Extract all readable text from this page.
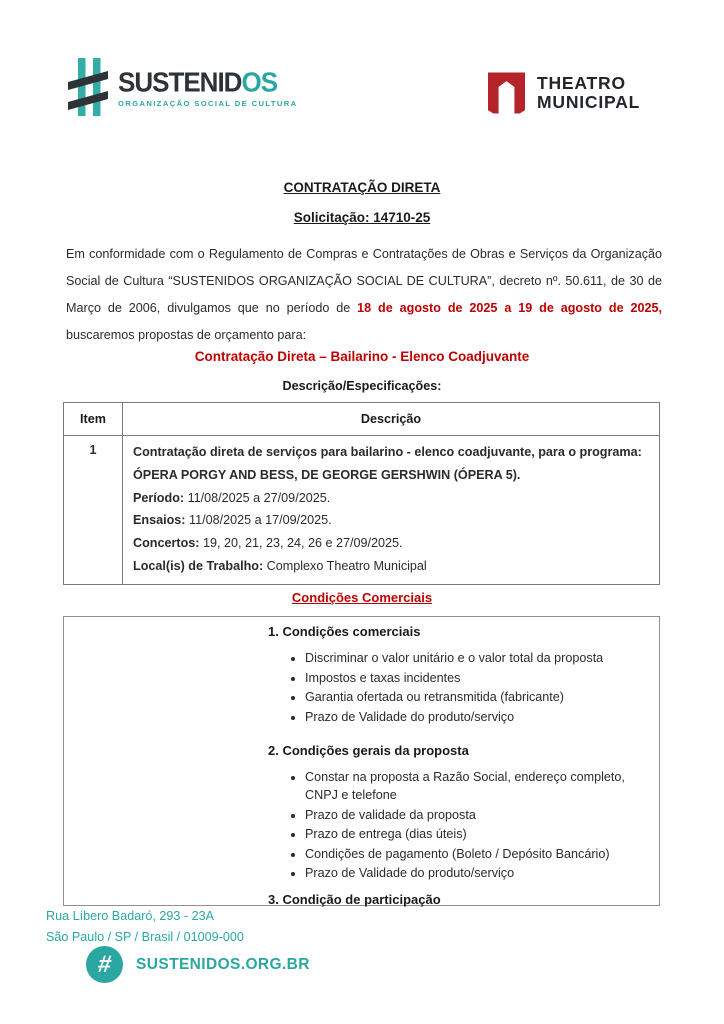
SUSTENIDOS
ORGANIZAÇÃO SOCIAL DE CULTURA
THEATRO
MUNICIPAL
CONTRATAÇÃO DIRETA
Solicitação: 14710-25

Em conformidade com o Regulamento de Compras e Contratações de Obras e Serviços da Organização Social de Cultura “SUSTENIDOS ORGANIZAÇÃO SOCIAL DE CULTURA”, decreto nº. 50.611, de 30 de Março de 2006, divulgamos que no período de 18 de agosto de 2025 a 19 de agosto de 2025, buscaremos propostas de orçamento para:

Contratação Direta – Bailarino - Elenco Coadjuvante
Descrição/Especificações:
Item	Descrição
1	Contratação direta de serviços para bailarino - elenco coadjuvante, para o programa:
ÓPERA PORGY AND BESS, DE GEORGE GERSHWIN (ÓPERA 5).
Período: 11/08/2025 a 27/09/2025.
Ensaios: 11/08/2025 a 17/09/2025.
Concertos: 19, 20, 21, 23, 24, 26 e 27/09/2025.
Local(is) de Trabalho: Complexo Theatro Municipal
Condições Comerciais
1. Condições comerciais
• Discriminar o valor unitário e o valor total da proposta
• Impostos e taxas incidentes
• Garantia ofertada ou retransmitida (fabricante)
• Prazo de Validade do produto/serviço
2. Condições gerais da proposta
• Constar na proposta a Razão Social, endereço completo, CNPJ e telefone
• Prazo de validade da proposta
• Prazo de entrega (dias úteis)
• Condições de pagamento (Boleto / Depósito Bancário)
• Prazo de Validade do produto/serviço
3. Condição de participação
Rua Líbero Badaró, 293 - 23A
São Paulo / SP / Brasil / 01009-000
# SUSTENIDOS.ORG.BR
